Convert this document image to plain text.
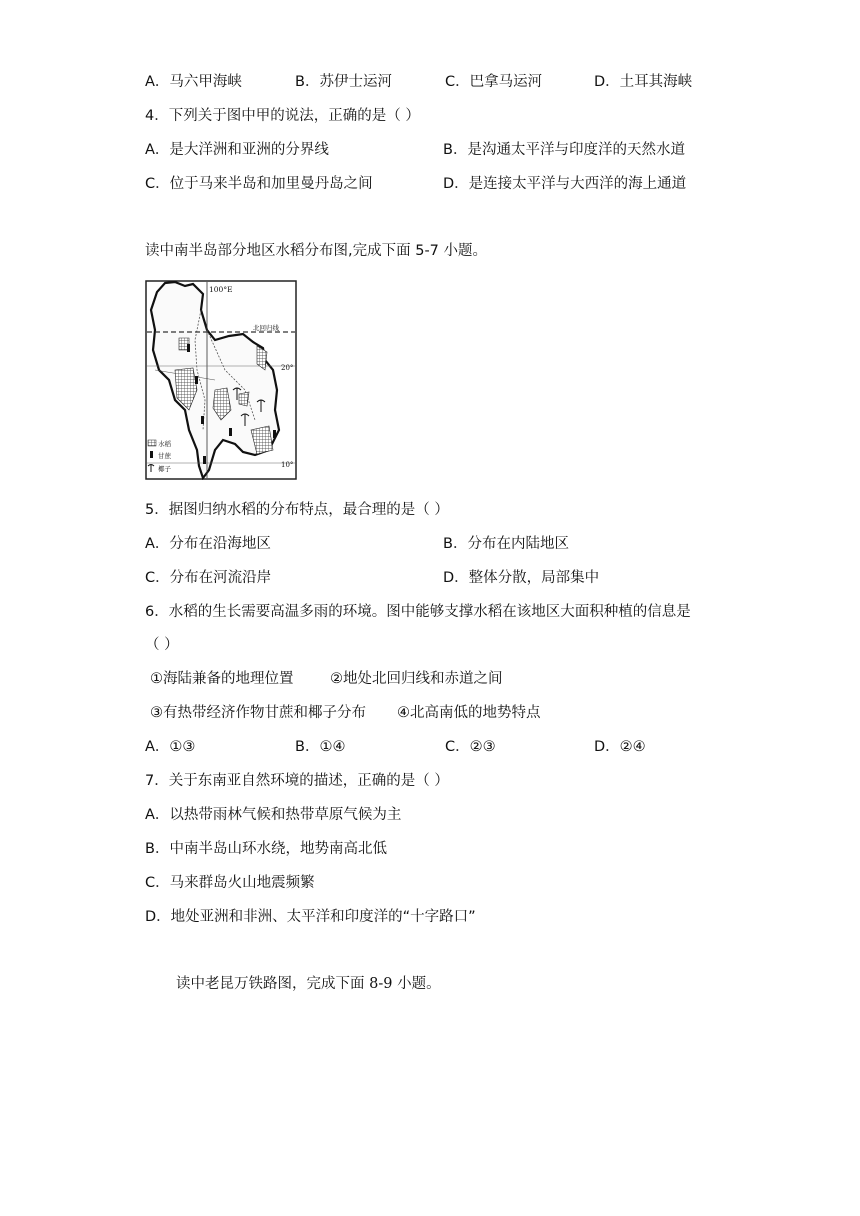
A．马六甲海峡	B．苏伊士运河	C．巴拿马运河	D．土耳其海峡
4．下列关于图中甲的说法，正确的是（ ）
A．是大洋洲和亚洲的分界线	B．是沟通太平洋与印度洋的天然水道
C．位于马来半岛和加里曼丹岛之间	D．是连接太平洋与大西洋的海上通道
读中南半岛部分地区水稻分布图,完成下面 5-7 小题。
100°E
北回归线
20°
10°
水稻
甘蔗
椰子
5．据图归纳水稻的分布特点，最合理的是（ ）
A．分布在沿海地区	B．分布在内陆地区
C．分布在河流沿岸	D．整体分散，局部集中
6．水稻的生长需要高温多雨的环境。图中能够支撑水稻在该地区大面积种植的信息是
（ ）
①海陆兼备的地理位置	②地处北回归线和赤道之间
③有热带经济作物甘蔗和椰子分布 ④北高南低的地势特点
A．①③	B．①④	C．②③	D．②④
7．关于东南亚自然环境的描述，正确的是（ ）
A．以热带雨林气候和热带草原气候为主
B．中南半岛山环水绕，地势南高北低
C．马来群岛火山地震频繁
D．地处亚洲和非洲、太平洋和印度洋的“十字路口”
读中老昆万铁路图，完成下面 8-9 小题。
